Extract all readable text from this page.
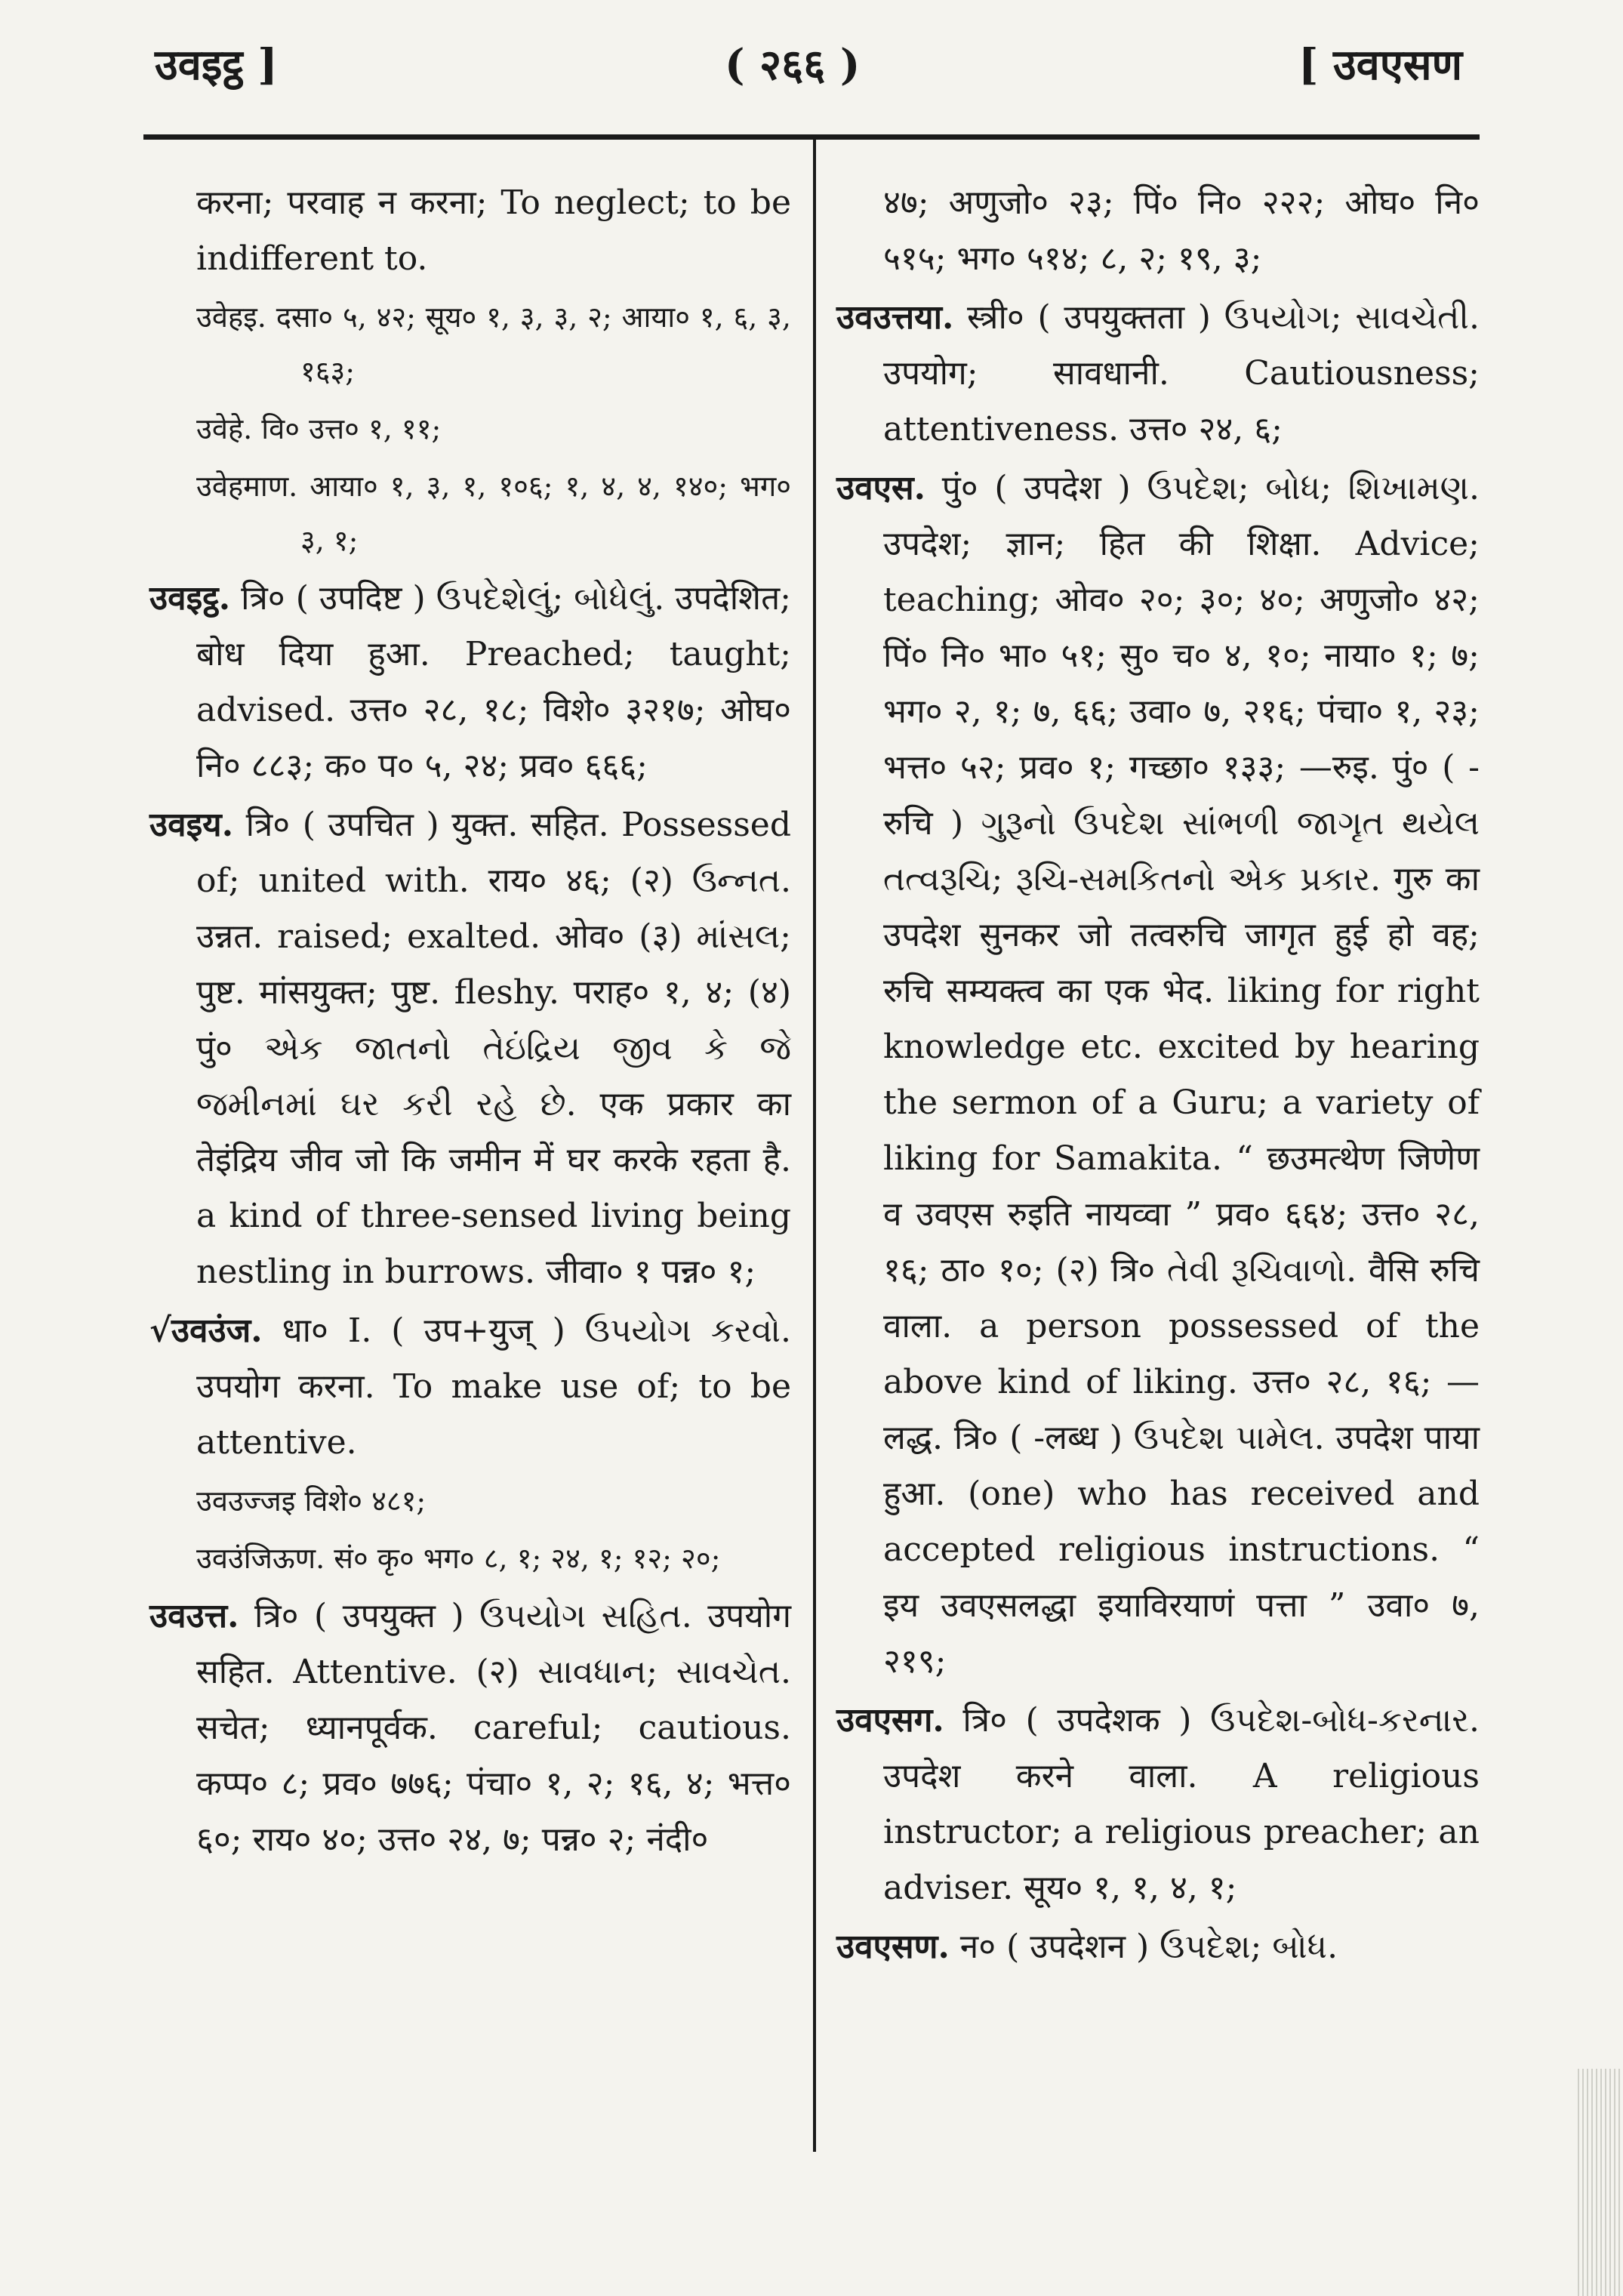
उवइट्ठ ]	( २६६ )	[ उवएसण

करना; परवाह न करना; To neglect; to be indifferent to.

उवेहइ. दसा० ५, ४२; सूय० १, ३, ३, २; आया० १, ६, ३, १६३;

उवेहे. वि० उत्त० १, ११;

उवेहमाण. आया० १, ३, १, १०६; १, ४, ४, १४०; भग० ३, १;

उवइट्ठ. त्रि० ( उपदिष्ट ) ઉપદેશેલું; બોધેલું. उपदेशित; बोध दिया हुआ. Preached; taught; advised. उत्त० २८, १८; विशे० ३२१७; ओघ० नि० ८८३; क० प० ५, २४; प्रव० ६६६;

उवइय. त्रि० ( उपचित ) युक्त. सहित. Possessed of; united with. राय० ४६; (२) ઉન્નત. उन्नत. raised; exalted. ओव० (३) માંસલ; पुष्ट. मांसयुक्त; पुष्ट. fleshy. पराह० १, ४; (४) पुं० એક જાતનો તેઇંદ્રિય જીવ કે જે જમીનમાં ઘર કરી રહે છે. एक प्रकार का तेइंद्रिय जीव जो कि जमीन में घर करके रहता है. a kind of three-sensed living being nestling in burrows. जीवा० १ पन्न० १;

√उवउंज. धा० I. ( उप+युज् ) ઉપયોગ કરવો. उपयोग करना. To make use of; to be attentive.

उवउज्जइ विशे० ४८१;

उवउंजिऊण. सं० कृ० भग० ८, १; २४, १; १२; २०;

उवउत्त. त्रि० ( उपयुक्त ) ઉપયોગ સહિત. उपयोग सहित. Attentive. (२) સાવધાન; સાવચેત. सचेत; ध्यानपूर्वक. careful; cautious. कप्प० ८; प्रव० ७७६; पंचा० १, २; १६, ४; भत्त० ६०; राय० ४०; उत्त० २४, ७; पन्न० २; नंदी०

४७; अणुजो० २३; पिं० नि० २२२; ओघ० नि० ५१५; भग० ५१४; ८, २; १९, ३;

उवउत्तया. स्त्री० ( उपयुक्तता ) ઉપયોગ; સાવચેતી. उपयोग; सावधानी. Cautiousness; attentiveness. उत्त० २४, ६;

उवएस. पुं० ( उपदेश ) ઉપદેશ; બોધ; શિખામણ. उपदेश; ज्ञान; हित की शिक्षा. Advice; teaching; ओव० २०; ३०; ४०; अणुजो० ४२; पिं० नि० भा० ५१; सु० च० ४, १०; नाया० १; ७; भग० २, १; ७, ६६; उवा० ७, २१६; पंचा० १, २३; भत्त० ५२; प्रव० १; गच्छा० १३३; —रुइ. पुं० ( -रुचि ) ગુરૂનો ઉપદેશ સાંભળી જાગૃત થયેલ તત્વરૂચિ; રૂચિ-સમકિતનો એક પ્રકાર. गुरु का उपदेश सुनकर जो तत्वरुचि जागृत हुई हो वह; रुचि सम्यक्त्व का एक भेद. liking for right knowledge etc. excited by hearing the sermon of a Guru; a variety of liking for Samakita. “ छउमत्थेण जिणेण व उवएस रुइति नायव्वा ” प्रव० ६६४; उत्त० २८, १६; ठा० १०; (२) त्रि० તેવી રૂચિવાળો. वैसि रुचि वाला. a person possessed of the above kind of liking. उत्त० २८, १६; —लद्ध. त्रि० ( -लब्ध ) ઉપદેશ પામેલ. उपदेश पाया हुआ. (one) who has received and accepted religious instructions. “ इय उवएसलद्धा इयाविरयाणं पत्ता ” उवा० ७, २१९;

उवएसग. त्रि० ( उपदेशक ) ઉપદેશ-બોધ-કરનાર. उपदेश करने वाला. A religious instructor; a religious preacher; an adviser. सूय० १, १, ४, १;

उवएसण. न० ( उपदेशन ) ઉપદેશ; બોધ.
